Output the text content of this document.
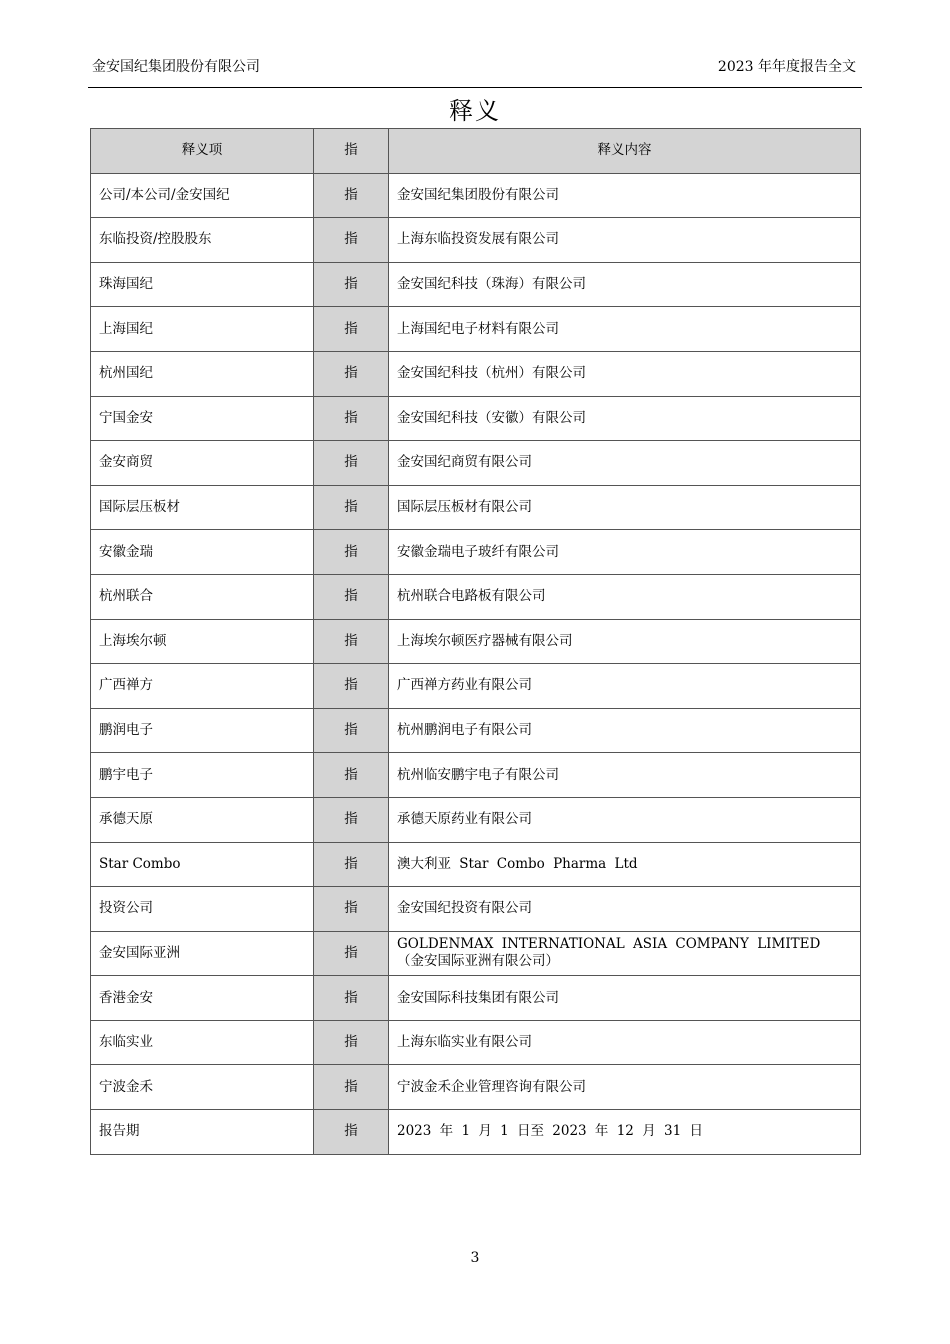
金安国纪集团股份有限公司	2023 年年度报告全文
释义
释义项	指	释义内容
公司/本公司/金安国纪	指	金安国纪集团股份有限公司
东临投资/控股股东	指	上海东临投资发展有限公司
珠海国纪	指	金安国纪科技（珠海）有限公司
上海国纪	指	上海国纪电子材料有限公司
杭州国纪	指	金安国纪科技（杭州）有限公司
宁国金安	指	金安国纪科技（安徽）有限公司
金安商贸	指	金安国纪商贸有限公司
国际层压板材	指	国际层压板材有限公司
安徽金瑞	指	安徽金瑞电子玻纤有限公司
杭州联合	指	杭州联合电路板有限公司
上海埃尔顿	指	上海埃尔顿医疗器械有限公司
广西禅方	指	广西禅方药业有限公司
鹏润电子	指	杭州鹏润电子有限公司
鹏宇电子	指	杭州临安鹏宇电子有限公司
承德天原	指	承德天原药业有限公司
Star Combo	指	澳大利亚 Star Combo Pharma Ltd
投资公司	指	金安国纪投资有限公司
金安国际亚洲	指	GOLDENMAX INTERNATIONAL ASIA COMPANY LIMITED
（金安国际亚洲有限公司）

香港金安	指	金安国际科技集团有限公司
东临实业	指	上海东临实业有限公司
宁波金禾	指	宁波金禾企业管理咨询有限公司
报告期	指	2023 年 1 月 1 日至 2023 年 12 月 31 日
3
